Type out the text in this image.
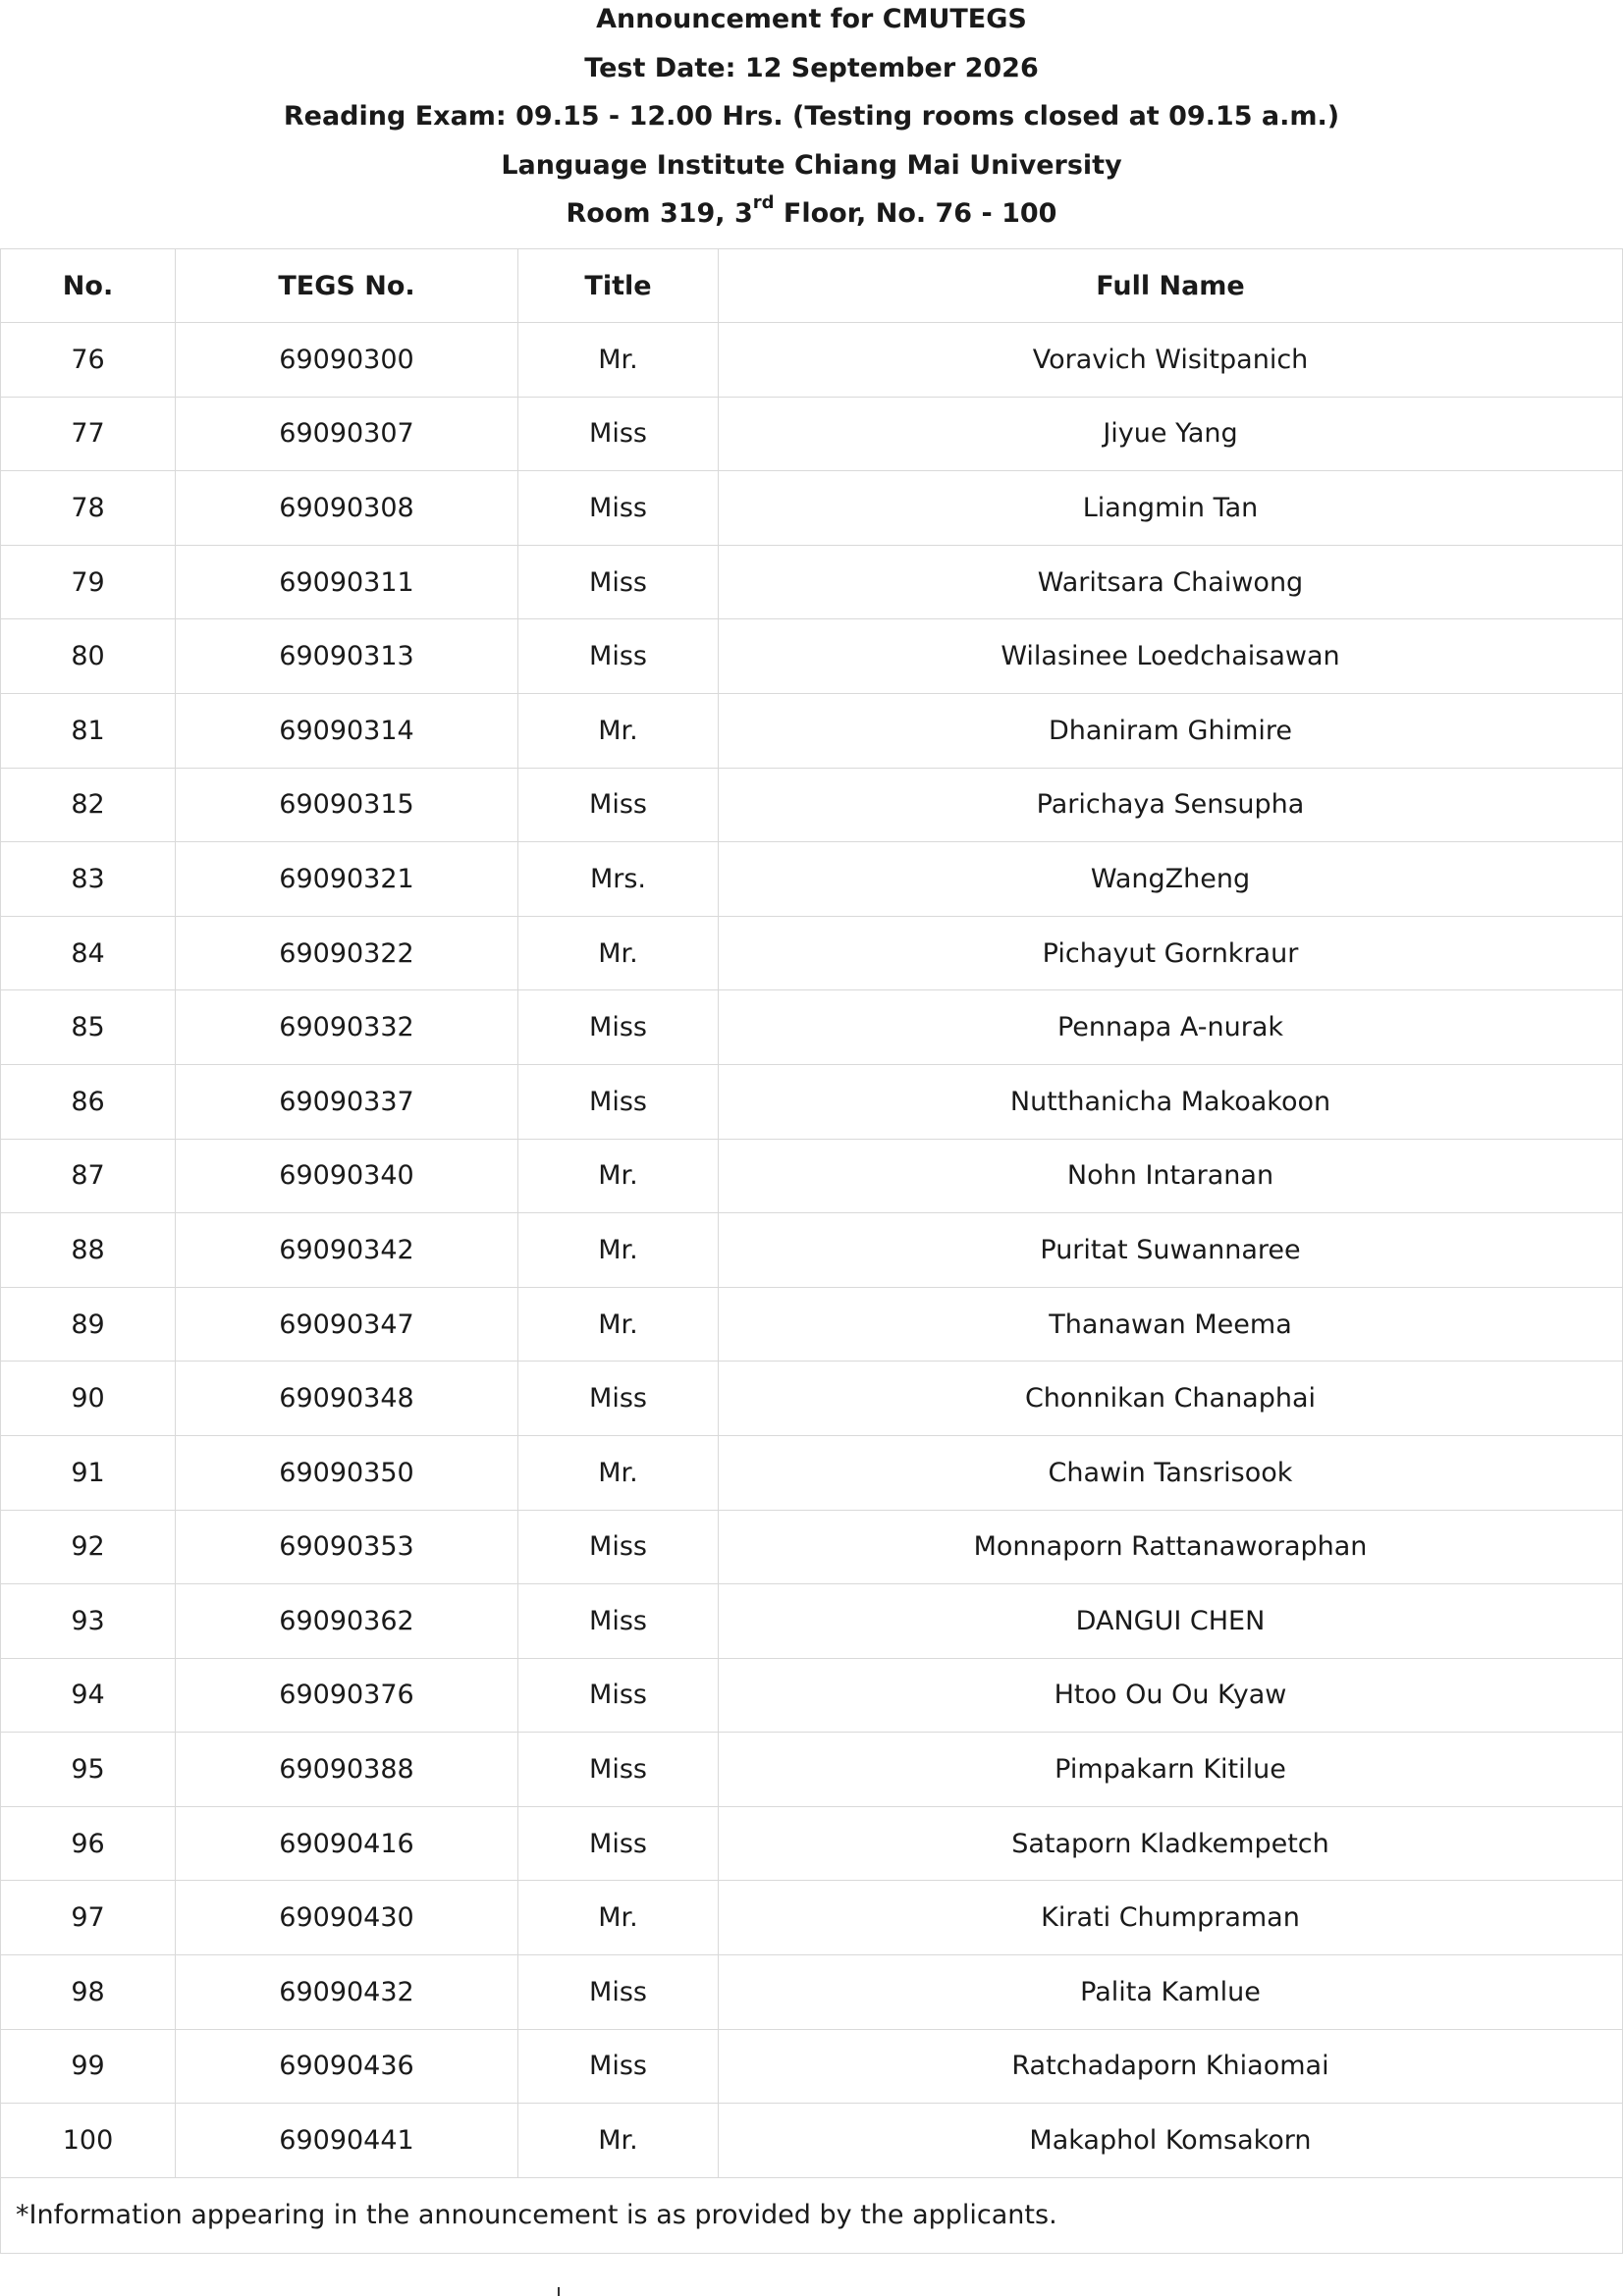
Announcement for CMUTEGS
Test Date: 12 September 2026
Reading Exam: 09.15 - 12.00 Hrs. (Testing rooms closed at 09.15 a.m.)
Language Institute Chiang Mai University
Room 319, 3rd Floor, No. 76 - 100
No.	TEGS No.	Title	Full Name
76	69090300	Mr.	Voravich Wisitpanich
77	69090307	Miss	Jiyue Yang
78	69090308	Miss	Liangmin Tan
79	69090311	Miss	Waritsara Chaiwong
80	69090313	Miss	Wilasinee Loedchaisawan
81	69090314	Mr.	Dhaniram Ghimire
82	69090315	Miss	Parichaya Sensupha
83	69090321	Mrs.	WangZheng
84	69090322	Mr.	Pichayut Gornkraur
85	69090332	Miss	Pennapa A-nurak
86	69090337	Miss	Nutthanicha Makoakoon
87	69090340	Mr.	Nohn Intaranan
88	69090342	Mr.	Puritat Suwannaree
89	69090347	Mr.	Thanawan Meema
90	69090348	Miss	Chonnikan Chanaphai
91	69090350	Mr.	Chawin Tansrisook
92	69090353	Miss	Monnaporn Rattanaworaphan
93	69090362	Miss	DANGUI CHEN
94	69090376	Miss	Htoo Ou Ou Kyaw
95	69090388	Miss	Pimpakarn Kitilue
96	69090416	Miss	Sataporn Kladkempetch
97	69090430	Mr.	Kirati Chumpraman
98	69090432	Miss	Palita Kamlue
99	69090436	Miss	Ratchadaporn Khiaomai
100	69090441	Mr.	Makaphol Komsakorn
*Information appearing in the announcement is as provided by the applicants.			
